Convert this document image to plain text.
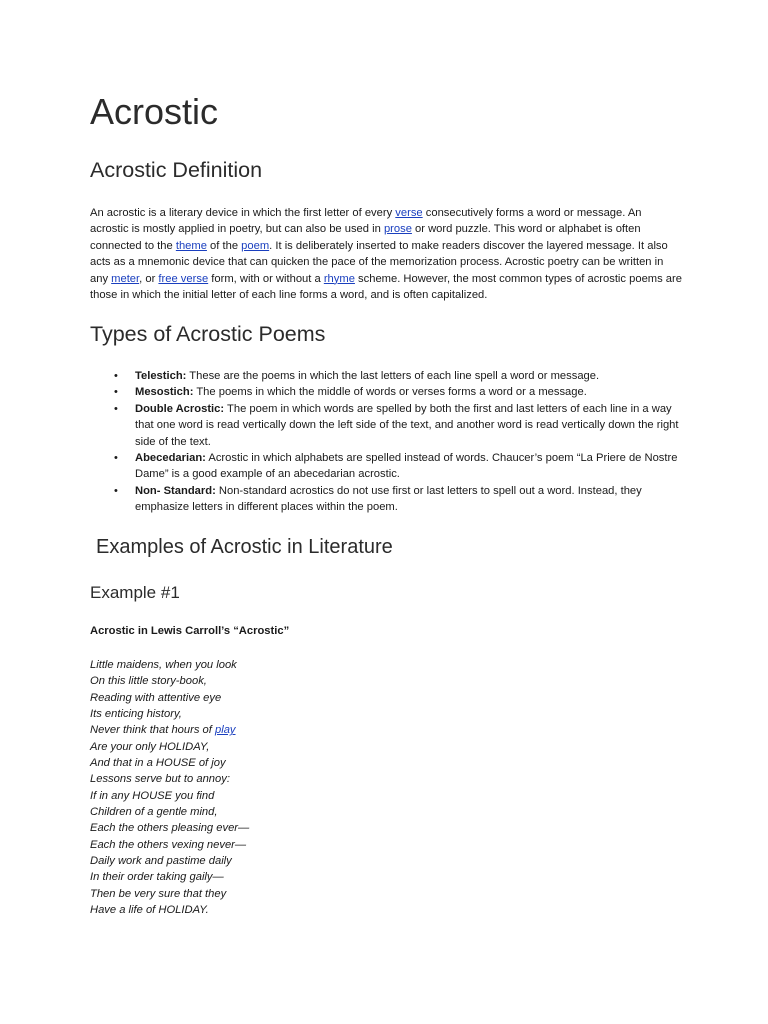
Acrostic
Acrostic Definition

An acrostic is a literary device in which the first letter of every verse consecutively forms a word or message. An acrostic is mostly applied in poetry, but can also be used in prose or word puzzle. This word or alphabet is often connected to the theme of the poem. It is deliberately inserted to make readers discover the layered message. It also acts as a mnemonic device that can quicken the pace of the memorization process. Acrostic poetry can be written in any meter, or free verse form, with or without a rhyme scheme. However, the most common types of acrostic poems are those in which the initial letter of each line forms a word, and is often capitalized.

Types of Acrostic Poems
• Telestich: These are the poems in which the last letters of each line spell a word or message.
• Mesostich: The poems in which the middle of words or verses forms a word or a message.
• Double Acrostic: The poem in which words are spelled by both the first and last letters of each line in a way that one word is read vertically down the left side of the text, and another word is read vertically down the right side of the text.
• Abecedarian: Acrostic in which alphabets are spelled instead of words. Chaucer’s poem “La Priere de Nostre Dame” is a good example of an abecedarian acrostic.
• Non- Standard: Non-standard acrostics do not use first or last letters to spell out a word. Instead, they emphasize letters in different places within the poem.
Examples of Acrostic in Literature
Example #1

Acrostic in Lewis Carroll’s “Acrostic”

Little maidens, when you look
On this little story-book,
Reading with attentive eye
Its enticing history,
Never think that hours of play
Are your only HOLIDAY,
And that in a HOUSE of joy
Lessons serve but to annoy:
If in any HOUSE you find
Children of a gentle mind,
Each the others pleasing ever—
Each the others vexing never—
Daily work and pastime daily
In their order taking gaily—
Then be very sure that they
Have a life of HOLIDAY.
